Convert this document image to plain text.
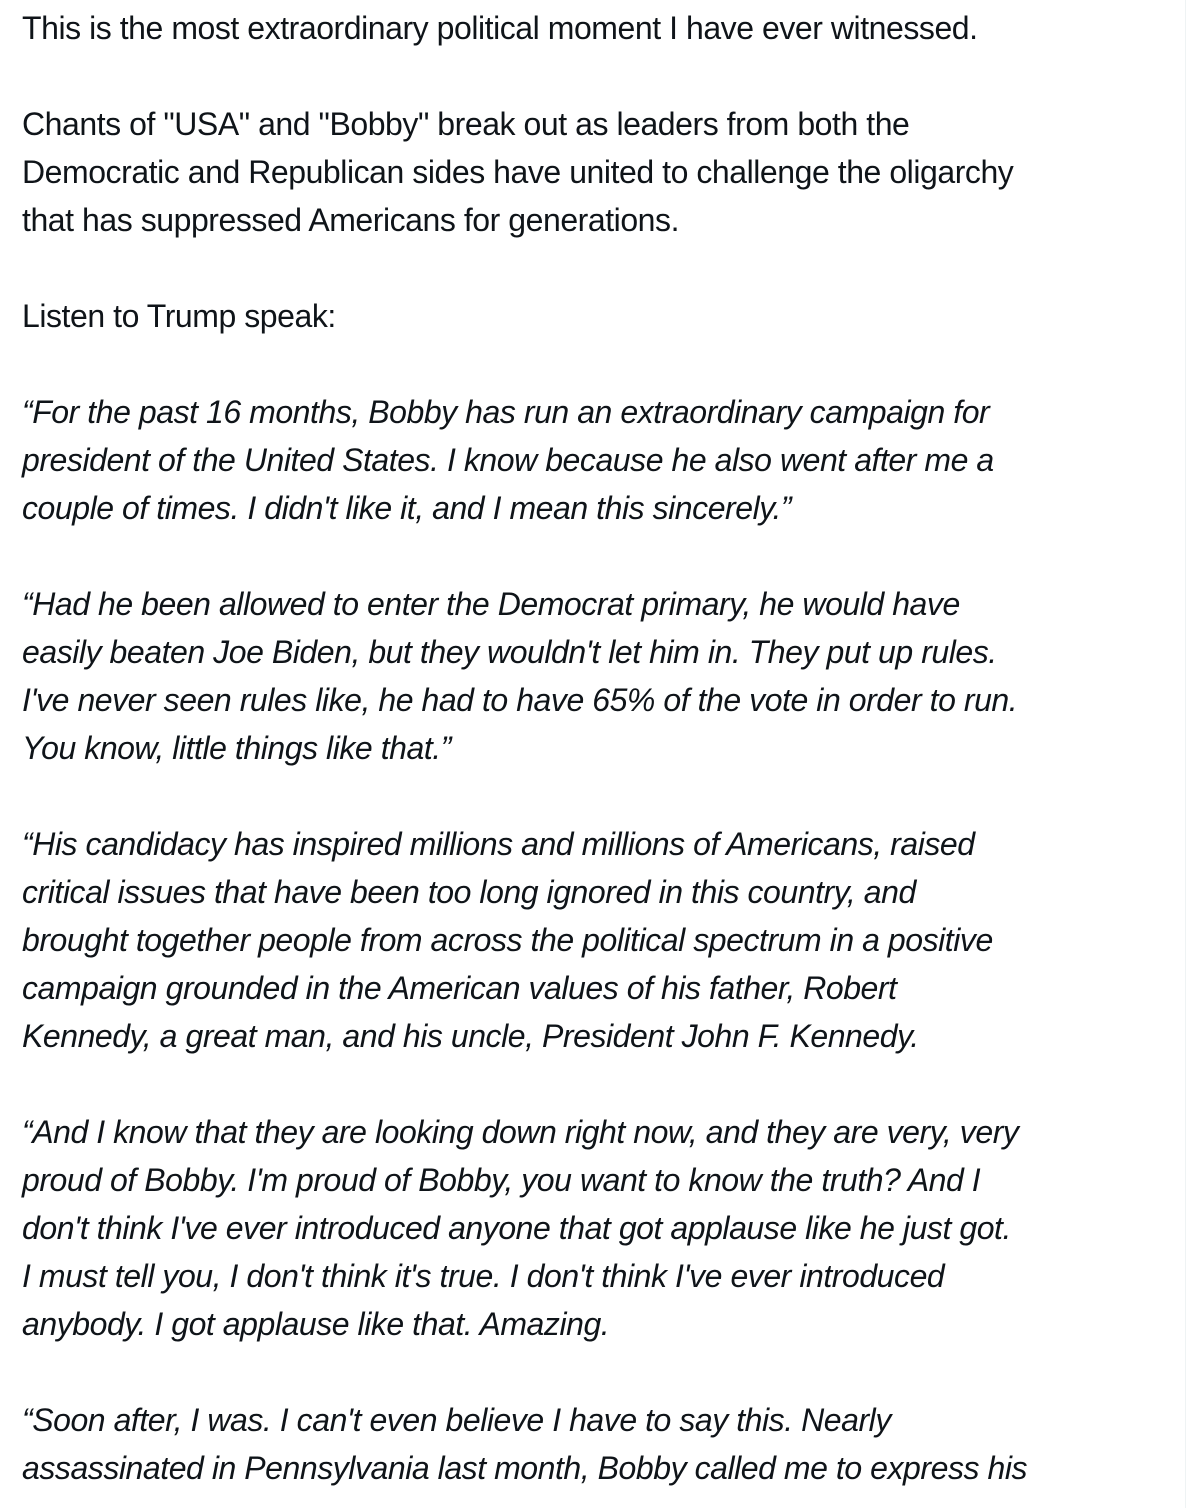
This is the most extraordinary political moment I have ever witnessed.

Chants of "USA" and "Bobby" break out as leaders from both the
Democratic and Republican sides have united to challenge the oligarchy
that has suppressed Americans for generations.

Listen to Trump speak:

“For the past 16 months, Bobby has run an extraordinary campaign for
president of the United States. I know because he also went after me a
couple of times. I didn't like it, and I mean this sincerely.”

“Had he been allowed to enter the Democrat primary, he would have
easily beaten Joe Biden, but they wouldn't let him in. They put up rules.
I've never seen rules like, he had to have 65% of the vote in order to run.
You know, little things like that.”

“His candidacy has inspired millions and millions of Americans, raised
critical issues that have been too long ignored in this country, and
brought together people from across the political spectrum in a positive
campaign grounded in the American values of his father, Robert
Kennedy, a great man, and his uncle, President John F. Kennedy.

“And I know that they are looking down right now, and they are very, very
proud of Bobby. I'm proud of Bobby, you want to know the truth? And I
don't think I've ever introduced anyone that got applause like he just got.
I must tell you, I don't think it's true. I don't think I've ever introduced
anybody. I got applause like that. Amazing.

“Soon after, I was. I can't even believe I have to say this. Nearly
assassinated in Pennsylvania last month, Bobby called me to express his
